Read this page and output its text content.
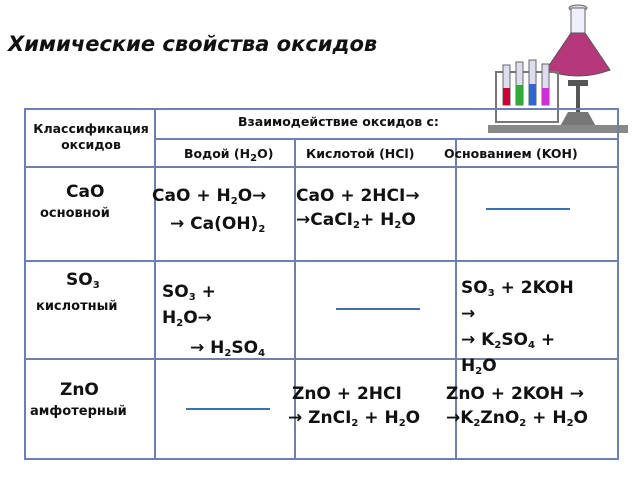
Химические свойства оксидов
Классификация оксидов
Взаимодействие оксидов с:
Водой $(H_2O)$	Кислотой (HCl) Основанием (KOH)
CaO
основной
CaO + $H_2O\to$
→ $Ca(OH)_2$
CaO + 2HCI→
→CaCI$_2$+ $H_2O$
$SO_3$
кислотный
$SO_3$ +
$H_2O\to$
→ $H_2SO_4$
$SO_3 + 2KOH$
→
→ $K_2SO_4$ +
$H_2O$
ZnO
амфотерный
ZnO + 2HCI
→ ZnCI$_2$ + $H_2O$
ZnO + 2KOH →
$\to K_2ZnO_2 + H_2O$
